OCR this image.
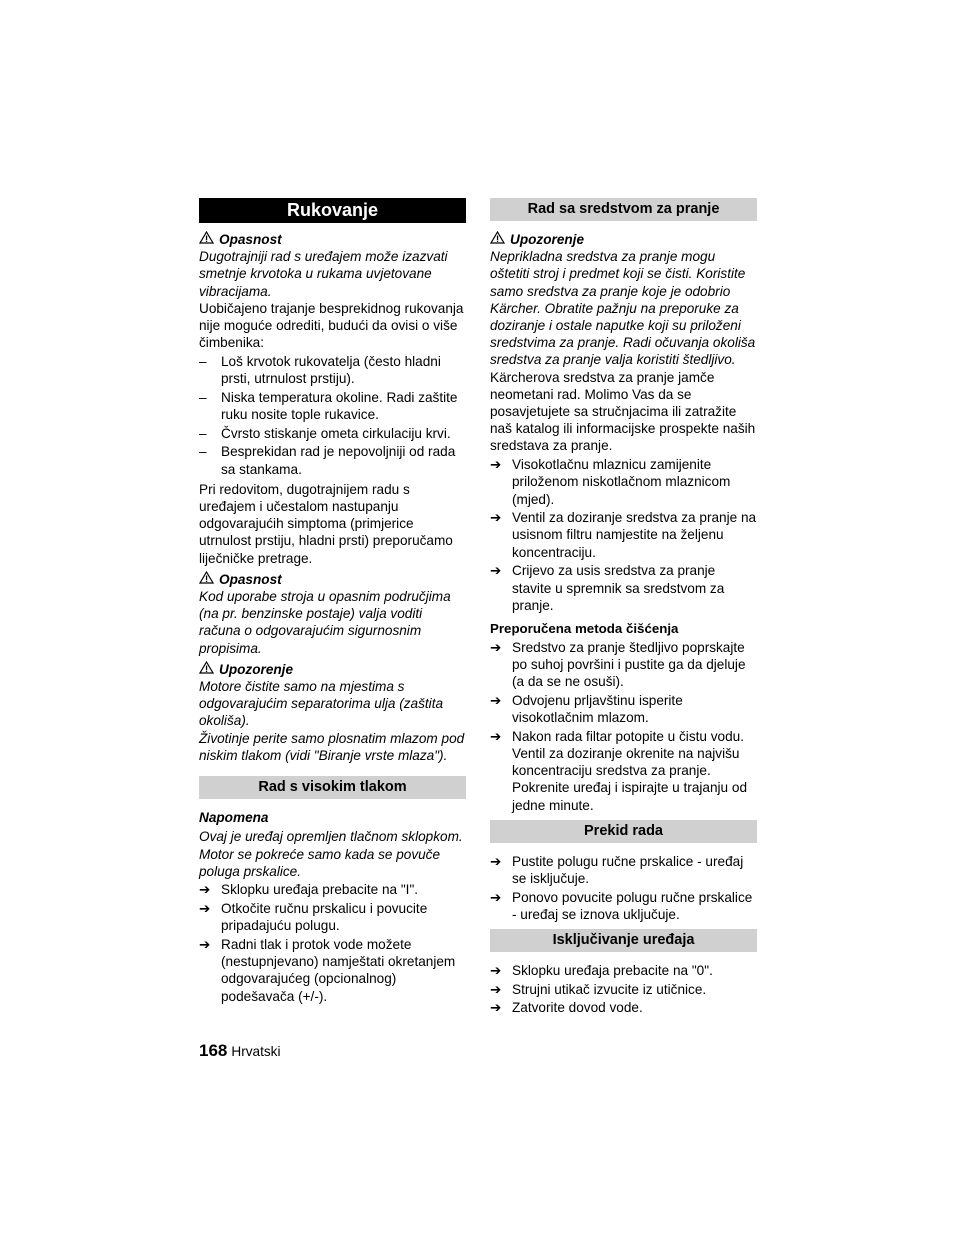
Rukovanje
Opasnost

Dugotrajniji rad s uređajem može izazvati smetnje krvotoka u rukama uvjetovane vibracijama.

Uobičajeno trajanje besprekidnog rukovanja nije moguće odrediti, budući da ovisi o više čimbenika:

– Loš krvotok rukovatelja (često hladni prsti, utrnulost prstiju).
– Niska temperatura okoline. Radi zaštite ruku nosite tople rukavice.
– Čvrsto stiskanje ometa cirkulaciju krvi.
– Besprekidan rad je nepovoljniji od rada sa stankama.

Pri redovitom, dugotrajnijem radu s uređajem i učestalom nastupanju odgovarajućih simptoma (primjerice utrnulost prstiju, hladni prsti) preporučamo liječničke pretrage.

Opasnost

Kod uporabe stroja u opasnim područjima (na pr. benzinske postaje) valja voditi računa o odgovarajućim sigurnosnim propisima.

Upozorenje

Motore čistite samo na mjestima s odgovarajućim separatorima ulja (zaštita okoliša).

Životinje perite samo plosnatim mlazom pod niskim tlakom (vidi "Biranje vrste mlaza").

Rad s visokim tlakom
Napomena

Ovaj je uređaj opremljen tlačnom sklopkom. Motor se pokreće samo kada se povuče poluga prskalice.

➔ Sklopku uređaja prebacite na "I".
➔ Otkočite ručnu prskalicu i povucite pripadajuću polugu.
➔ Radni tlak i protok vode možete (nestupnjevano) namještati okretanjem odgovarajućeg (opcionalnog) podešavača (+/-).
Rad sa sredstvom za pranje
Upozorenje

Neprikladna sredstva za pranje mogu oštetiti stroj i predmet koji se čisti. Koristite samo sredstva za pranje koje je odobrio Kärcher. Obratite pažnju na preporuke za doziranje i ostale naputke koji su priloženi sredstvima za pranje. Radi očuvanja okoliša sredstva za pranje valja koristiti štedljivo.

Kärcherova sredstva za pranje jamče neometani rad. Molimo Vas da se posavjetujete sa stručnjacima ili zatražite naš katalog ili informacijske prospekte naših sredstava za pranje.

➔ Visokotlačnu mlaznicu zamijenite priloženom niskotlačnom mlaznicom (mjed).
➔ Ventil za doziranje sredstva za pranje na usisnom filtru namjestite na željenu koncentraciju.
➔ Crijevo za usis sredstva za pranje stavite u spremnik sa sredstvom za pranje.
Preporučena metoda čišćenja
➔ Sredstvo za pranje štedljivo poprskajte po suhoj površini i pustite ga da djeluje (a da se ne osuši).
➔ Odvojenu prljavštinu isperite visokotlačnim mlazom.
➔ Nakon rada filtar potopite u čistu vodu. Ventil za doziranje okrenite na najvišu koncentraciju sredstva za pranje. Pokrenite uređaj i ispirajte u trajanju od jedne minute.
Prekid rada
➔ Pustite polugu ručne prskalice - uređaj se isključuje.
➔ Ponovo povucite polugu ručne prskalice - uređaj se iznova uključuje.
Isključivanje uređaja
➔ Sklopku uređaja prebacite na "0".
➔ Strujni utikač izvucite iz utičnice.
➔ Zatvorite dovod vode.
168 Hrvatski
